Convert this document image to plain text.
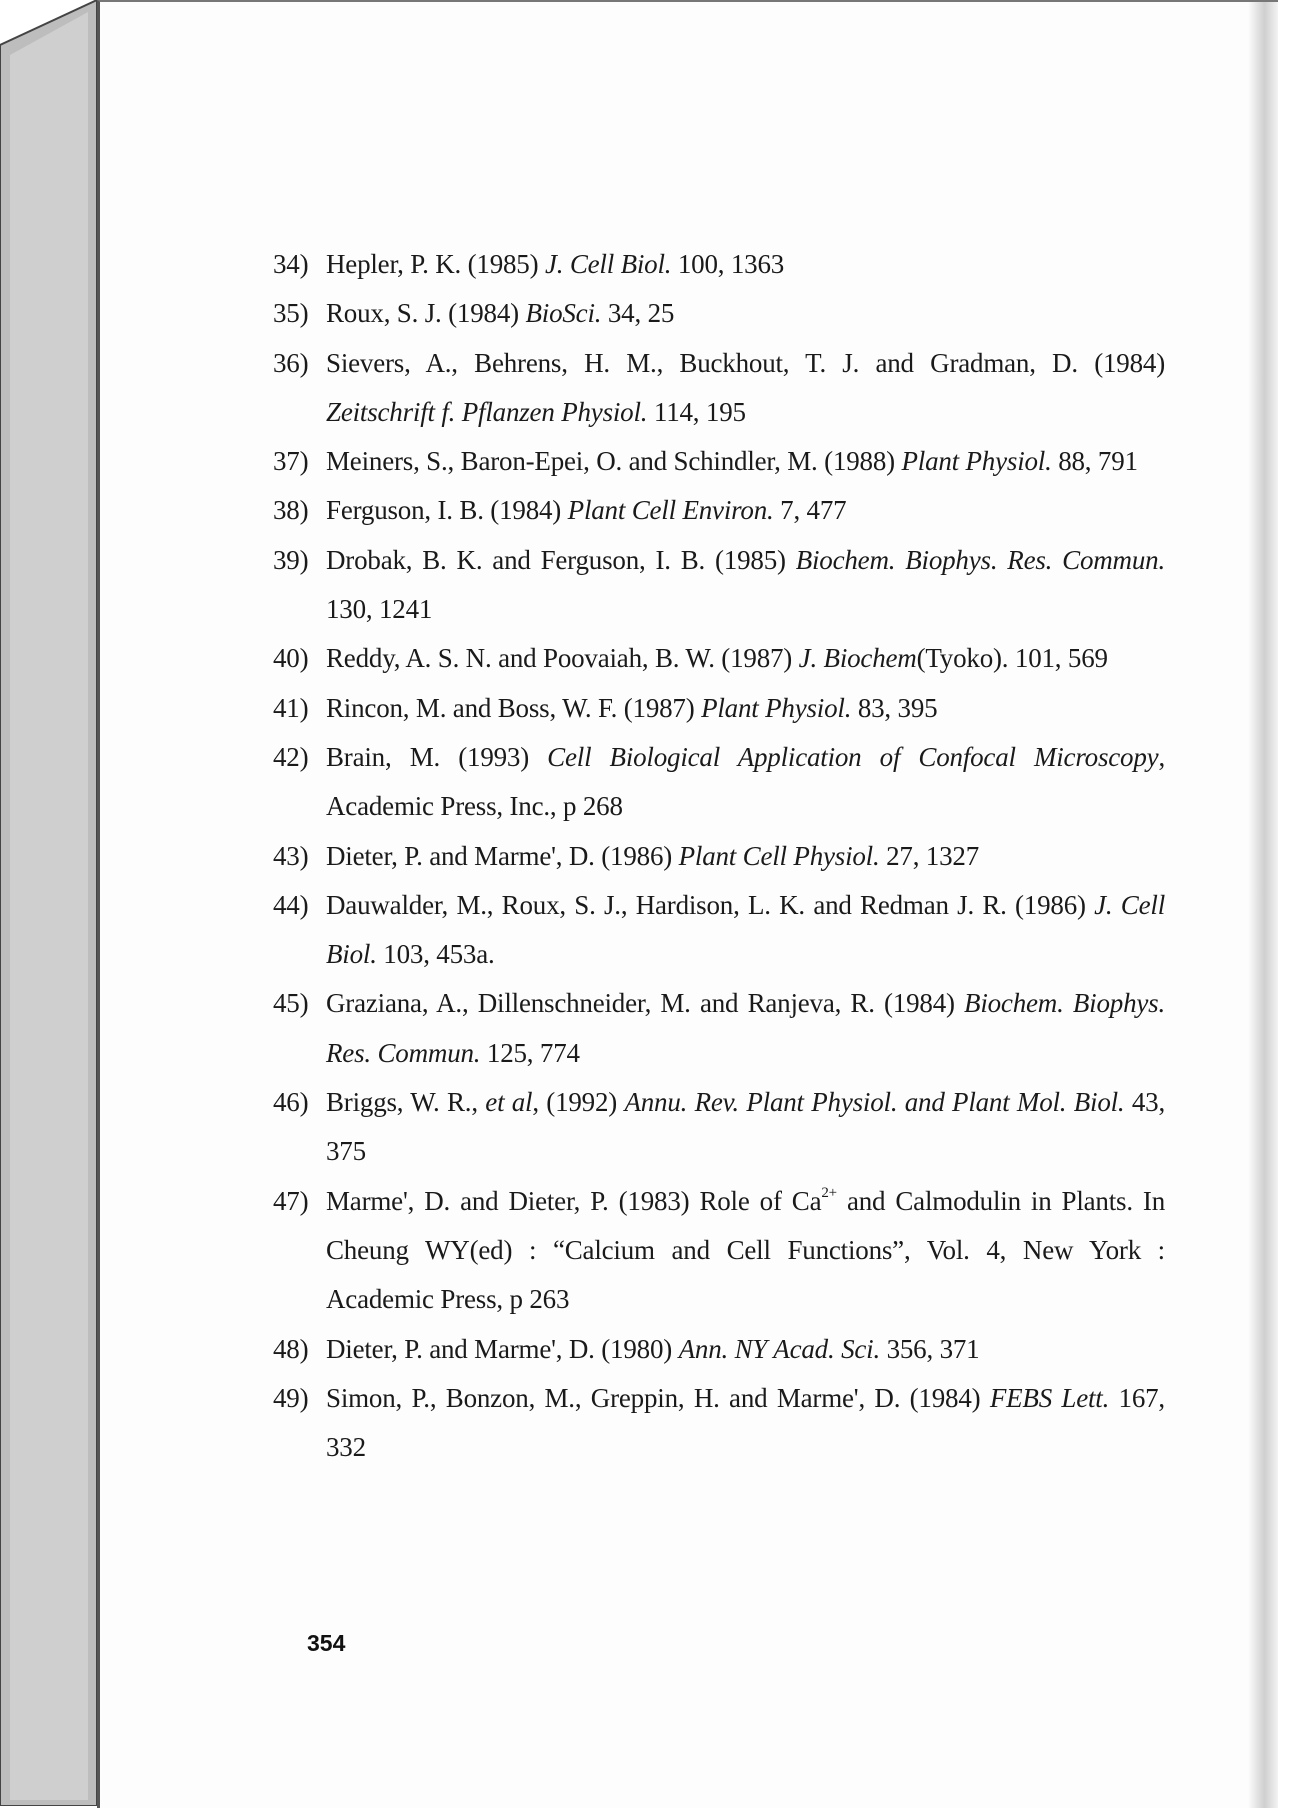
34) Hepler, P. K. (1985) J. Cell Biol. 100, 1363
35) Roux, S. J. (1984) BioSci. 34, 25
36) Sievers, A., Behrens, H. M., Buckhout, T. J. and Gradman, D. (1984) Zeitschrift f. Pflanzen Physiol. 114, 195
37) Meiners, S., Baron-Epei, O. and Schindler, M. (1988) Plant Physiol. 88, 791
38) Ferguson, I. B. (1984) Plant Cell Environ. 7, 477
39) Drobak, B. K. and Ferguson, I. B. (1985) Biochem. Biophys. Res. Commun. 130, 1241
40) Reddy, A. S. N. and Poovaiah, B. W. (1987) J. Biochem(Tyoko). 101, 569
41) Rincon, M. and Boss, W. F. (1987) Plant Physiol. 83, 395
42) Brain, M. (1993) Cell Biological Application of Confocal Microscopy, Academic Press, Inc., p 268
43) Dieter, P. and Marme', D. (1986) Plant Cell Physiol. 27, 1327
44) Dauwalder, M., Roux, S. J., Hardison, L. K. and Redman J. R. (1986) J. Cell Biol. 103, 453a.
45) Graziana, A., Dillenschneider, M. and Ranjeva, R. (1984) Biochem. Biophys. Res. Commun. 125, 774
46) Briggs, W. R., et al, (1992) Annu. Rev. Plant Physiol. and Plant Mol. Biol. 43, 375
47) Marme', D. and Dieter, P. (1983) Role of $Ca^{2+}$ and Calmodulin in Plants. In Cheung WY(ed) : “Calcium and Cell Functions”, Vol. 4, New York : Academic Press, p 263
48) Dieter, P. and Marme', D. (1980) Ann. NY Acad. Sci. 356, 371
49) Simon, P., Bonzon, M., Greppin, H. and Marme', D. (1984) FEBS Lett. 167, 332
354
